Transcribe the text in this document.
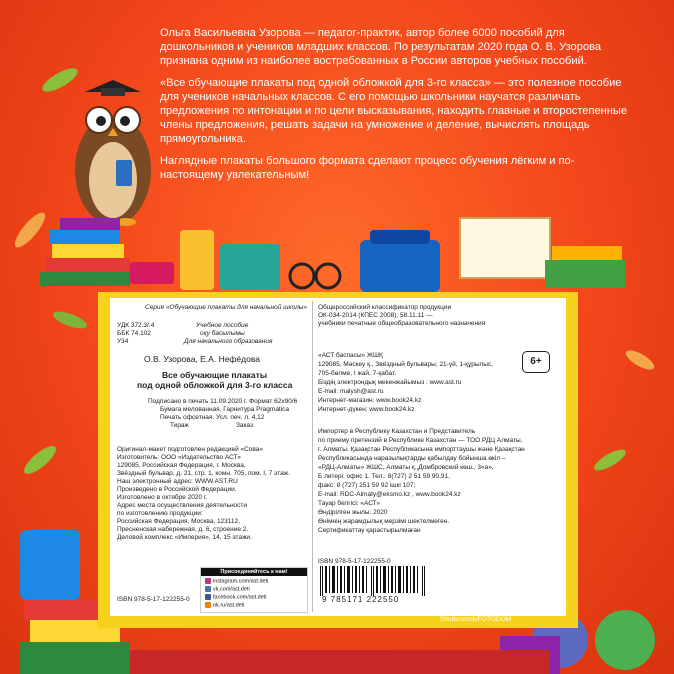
Ольга Васильевна Узорова — педагог-практик, автор более 6000 пособий для дошкольников и учеников младших классов. По результатам 2020 года О. В. Узорова признана одним из наиболее востребованных в России авторов учебных пособий.

«Все обучающие плакаты под одной обложкой для 3-го класса» — это полезное пособие для учеников начальных классов. С его помощью школьники научатся различать предложения по интонации и по цели высказывания, находить главные и второстепенные члены предложения, решать задачи на умножение и деление, вычислять площадь прямоугольника.

Наглядные плакаты большого формата сделают процесс обучения лёгким и по-настоящему увлекательным!

Серия «Обучающие плакаты для начальной школы»
УДК 372.3/.4
ББК 74.102
У34
Учебное пособие
оқу басылымы
Для начального образования
О.В. Узорова, Е.А. Нефёдова
Все обучающие плакаты
под одной обложкой для 3-го класса
Подписано в печать 11.09.2020 г. Формат 62x90/6
Бумага мелованная. Гарнитура Pragmatica
Печать офсетная. Усл. печ. л. 4,12
Тираж	Заказ
Оригинал-макет подготовлен редакцией «Сова»
Изготовитель: ООО «Издательство АСТ»
129085, Российская Федерация, г. Москва,
Звёздный бульвар, д. 21, стр. 1, комн. 705, пом. I, 7 этаж.
Наш электронный адрес: WWW.AST.RU
Произведено в Российской Федерации.
Изготовлено в октябре 2020 г.
Адрес места осуществления деятельности
по изготовлению продукции:
Российская Федерация, Москва, 123112,
Пресненская набережная, д. 6, строение 2.
Деловой комплекс «Империя», 14, 15 этажи.
ISBN 978-5-17-122255-0
Присоединяйтесь к нам!
instagram.com/ast.deti
vk.com/ast.deti
facebook.com/ast.deti
ok.ru/ast.deti
Общероссийский классификатор продукции
ОК-034-2014 (КПЕС 2008); 58.11.11 —
учебники печатные общеобразовательного назначения
«АСТ баспасы» ЖШҚ
129085, Мәскеу қ., Звёздный бульвары, 21-үй, 1-құрылыс,
705-бөлме, I жай, 7-қабат.
Біздің электрондық мекенжайымыз : www.ast.ru
E-mail: malysh@ast.ru
Интернет-магазин: www.book24.kz
Интернет-дүкен: www.book24.kz
6+
Импортер в Республику Казахстан и Представитель
по приему претензий в Республике Казахстан — ТОО РДЦ Алматы,
г. Алматы. Қазақстан Республикасына импорттаушы және Қазақстан
Республикасында наразылықтарды қабылдау бойынша өкіл –
«РДЦ-Алматы» ЖШС, Алматы қ.,Домбровский көш., 3«а»,
Б литері, офис 1. Тел.: 8(727) 2 51 59 90,91,
факс: 8 (727) 251 59 92 ішкі 107;
E-mail: RDC-Almaty@eksmo.kz , www.book24.kz
Тауар белгісі: «АСТ»
Өндірілген жылы: 2020
Өнімнің жарамдылық мерзімі шектелмеген.
Сертификаттау қарастырылмаған
ISBN 978-5-17-122255-0
9 785171 222550
© О.В. Узорова, Е.А. Нефёдова, 2020
© ООО «Издательство АСТ», 2020
В оформлении использованы материалы,
предоставленные фотобанком
Shutterstock/FOTODOM
